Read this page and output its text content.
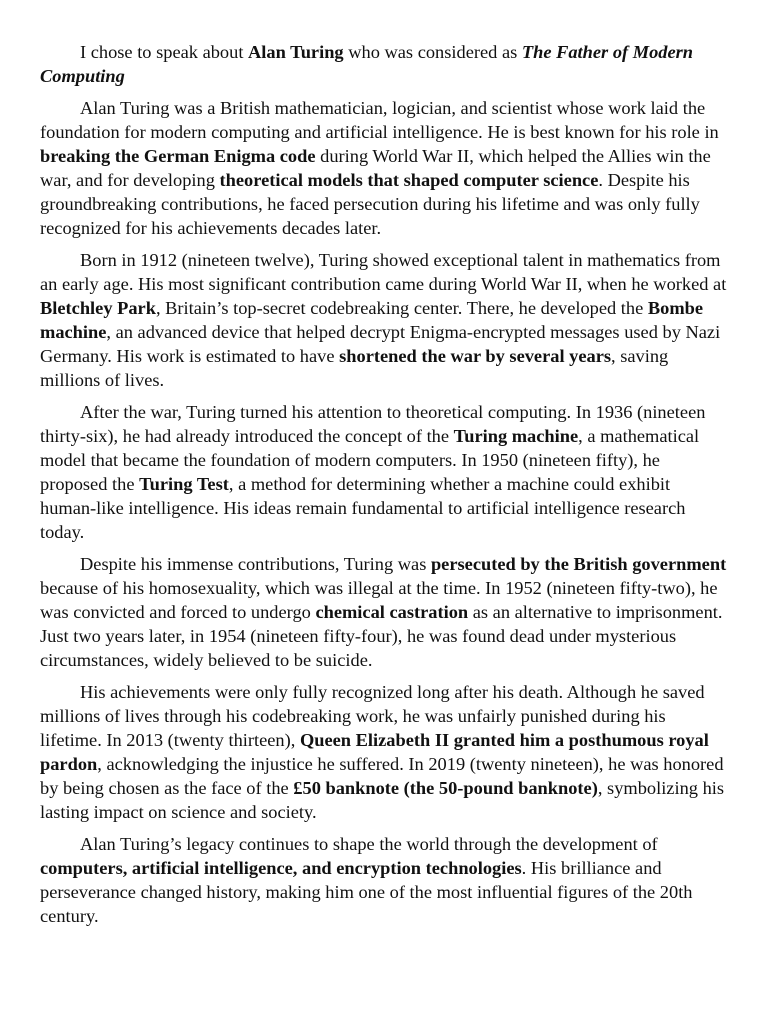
I chose to speak about Alan Turing who was considered as The Father of Modern Computing

Alan Turing was a British mathematician, logician, and scientist whose work laid the foundation for modern computing and artificial intelligence. He is best known for his role in breaking the German Enigma code during World War II, which helped the Allies win the war, and for developing theoretical models that shaped computer science. Despite his groundbreaking contributions, he faced persecution during his lifetime and was only fully recognized for his achievements decades later.

Born in 1912 (nineteen twelve), Turing showed exceptional talent in mathematics from an early age. His most significant contribution came during World War II, when he worked at Bletchley Park, Britain’s top-secret codebreaking center. There, he developed the Bombe machine, an advanced device that helped decrypt Enigma-encrypted messages used by Nazi Germany. His work is estimated to have shortened the war by several years, saving millions of lives.

After the war, Turing turned his attention to theoretical computing. In 1936 (nineteen thirty-six), he had already introduced the concept of the Turing machine, a mathematical model that became the foundation of modern computers. In 1950 (nineteen fifty), he proposed the Turing Test, a method for determining whether a machine could exhibit human-like intelligence. His ideas remain fundamental to artificial intelligence research today.

Despite his immense contributions, Turing was persecuted by the British government because of his homosexuality, which was illegal at the time. In 1952 (nineteen fifty-two), he was convicted and forced to undergo chemical castration as an alternative to imprisonment. Just two years later, in 1954 (nineteen fifty-four), he was found dead under mysterious circumstances, widely believed to be suicide.

His achievements were only fully recognized long after his death. Although he saved millions of lives through his codebreaking work, he was unfairly punished during his lifetime. In 2013 (twenty thirteen), Queen Elizabeth II granted him a posthumous royal pardon, acknowledging the injustice he suffered. In 2019 (twenty nineteen), he was honored by being chosen as the face of the £50 banknote (the 50-pound banknote), symbolizing his lasting impact on science and society.

Alan Turing’s legacy continues to shape the world through the development of computers, artificial intelligence, and encryption technologies. His brilliance and perseverance changed history, making him one of the most influential figures of the 20th century.
